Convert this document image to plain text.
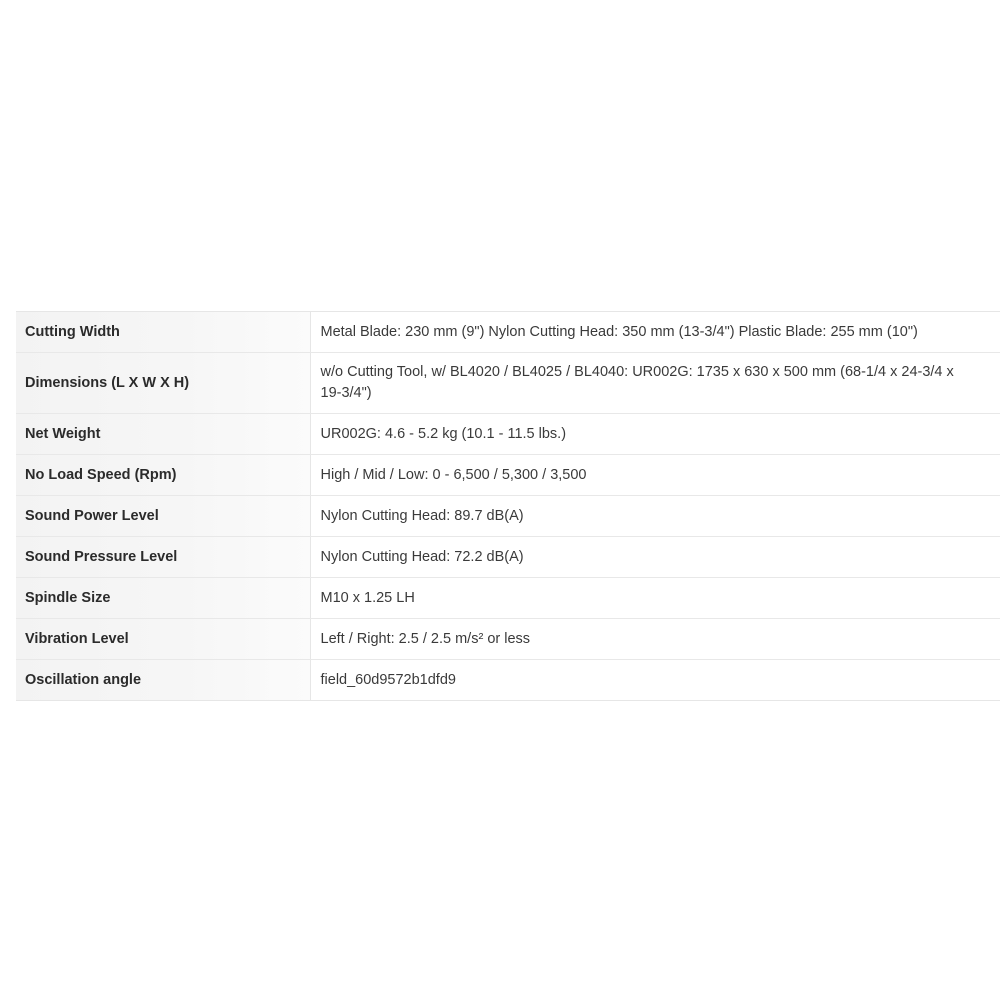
Cutting Width	Metal Blade: 230 mm (9") Nylon Cutting Head: 350 mm (13-3/4") Plastic Blade: 255 mm (10")
Dimensions (L X W X H)	w/o Cutting Tool, w/ BL4020 / BL4025 / BL4040: UR002G: 1735 x 630 x 500 mm (68-1/4 x 24-3/4 x 19-3/4")
Net Weight	UR002G: 4.6 - 5.2 kg (10.1 - 11.5 lbs.)
No Load Speed (Rpm)	High / Mid / Low: 0 - 6,500 / 5,300 / 3,500
Sound Power Level	Nylon Cutting Head: 89.7 dB(A)
Sound Pressure Level	Nylon Cutting Head: 72.2 dB(A)
Spindle Size	M10 x 1.25 LH
Vibration Level	Left / Right: 2.5 / 2.5 m/s² or less
Oscillation angle	field_60d9572b1dfd9
